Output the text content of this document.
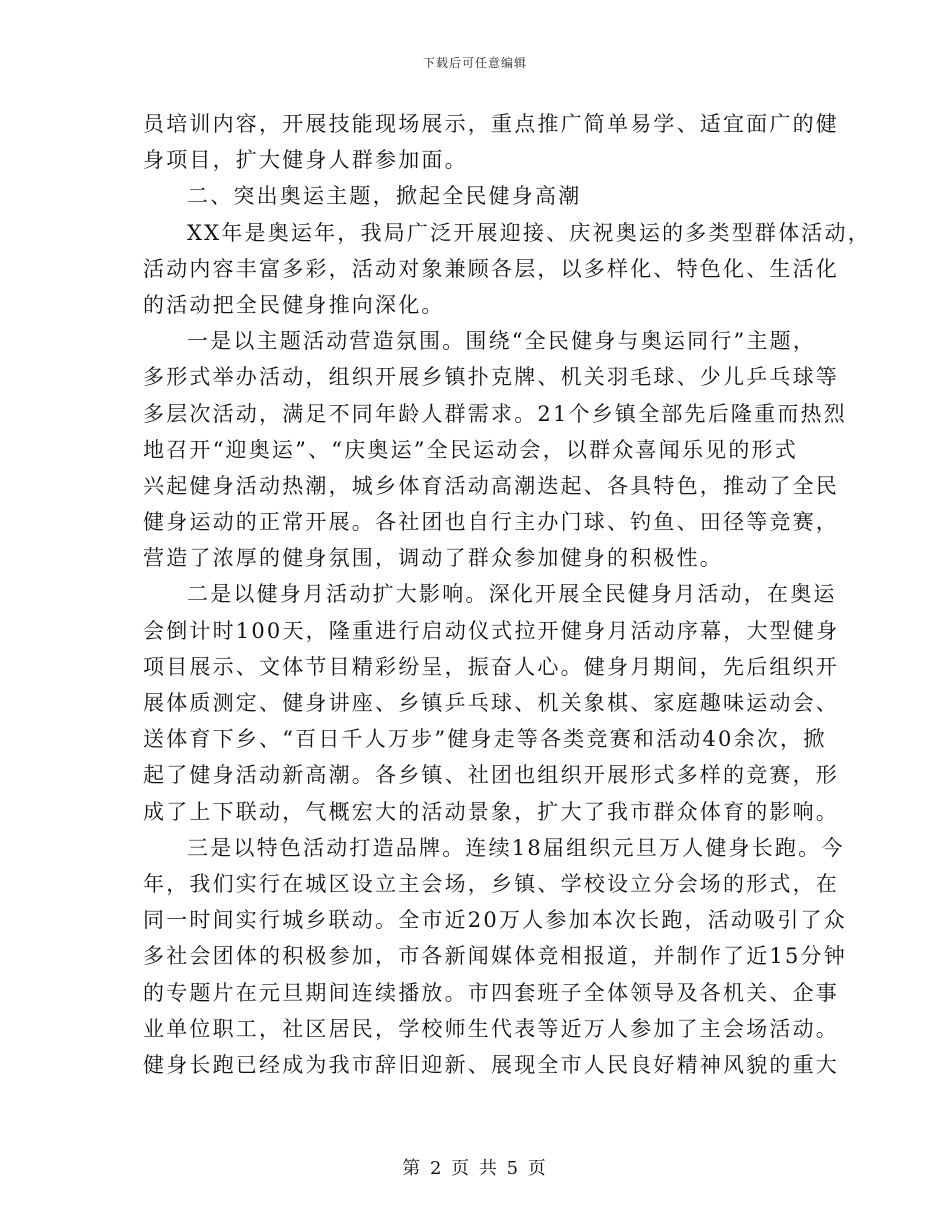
下载后可任意编辑
员培训内容，开展技能现场展示，重点推广简单易学、适宜面广的健
身项目，扩大健身人群参加面。
二、突出奥运主题，掀起全民健身高潮
XX年是奥运年，我局广泛开展迎接、庆祝奥运的多类型群体活动，
活动内容丰富多彩，活动对象兼顾各层，以多样化、特色化、生活化
的活动把全民健身推向深化。
一是以主题活动营造氛围。围绕“全民健身与奥运同行”主题，
多形式举办活动，组织开展乡镇扑克牌、机关羽毛球、少儿乒乓球等
多层次活动，满足不同年龄人群需求。21个乡镇全部先后隆重而热烈
地召开“迎奥运”、“庆奥运”全民运动会，以群众喜闻乐见的形式
兴起健身活动热潮，城乡体育活动高潮迭起、各具特色，推动了全民
健身运动的正常开展。各社团也自行主办门球、钓鱼、田径等竞赛，
营造了浓厚的健身氛围，调动了群众参加健身的积极性。
二是以健身月活动扩大影响。深化开展全民健身月活动，在奥运
会倒计时100天，隆重进行启动仪式拉开健身月活动序幕，大型健身
项目展示、文体节目精彩纷呈，振奋人心。健身月期间，先后组织开
展体质测定、健身讲座、乡镇乒乓球、机关象棋、家庭趣味运动会、
送体育下乡、“百日千人万步”健身走等各类竞赛和活动40余次，掀
起了健身活动新高潮。各乡镇、社团也组织开展形式多样的竞赛，形
成了上下联动，气概宏大的活动景象，扩大了我市群众体育的影响。
三是以特色活动打造品牌。连续18届组织元旦万人健身长跑。今
年，我们实行在城区设立主会场，乡镇、学校设立分会场的形式，在
同一时间实行城乡联动。全市近20万人参加本次长跑，活动吸引了众
多社会团体的积极参加，市各新闻媒体竞相报道，并制作了近15分钟
的专题片在元旦期间连续播放。市四套班子全体领导及各机关、企事
业单位职工，社区居民，学校师生代表等近万人参加了主会场活动。
健身长跑已经成为我市辞旧迎新、展现全市人民良好精神风貌的重大
第 2 页 共 5 页
